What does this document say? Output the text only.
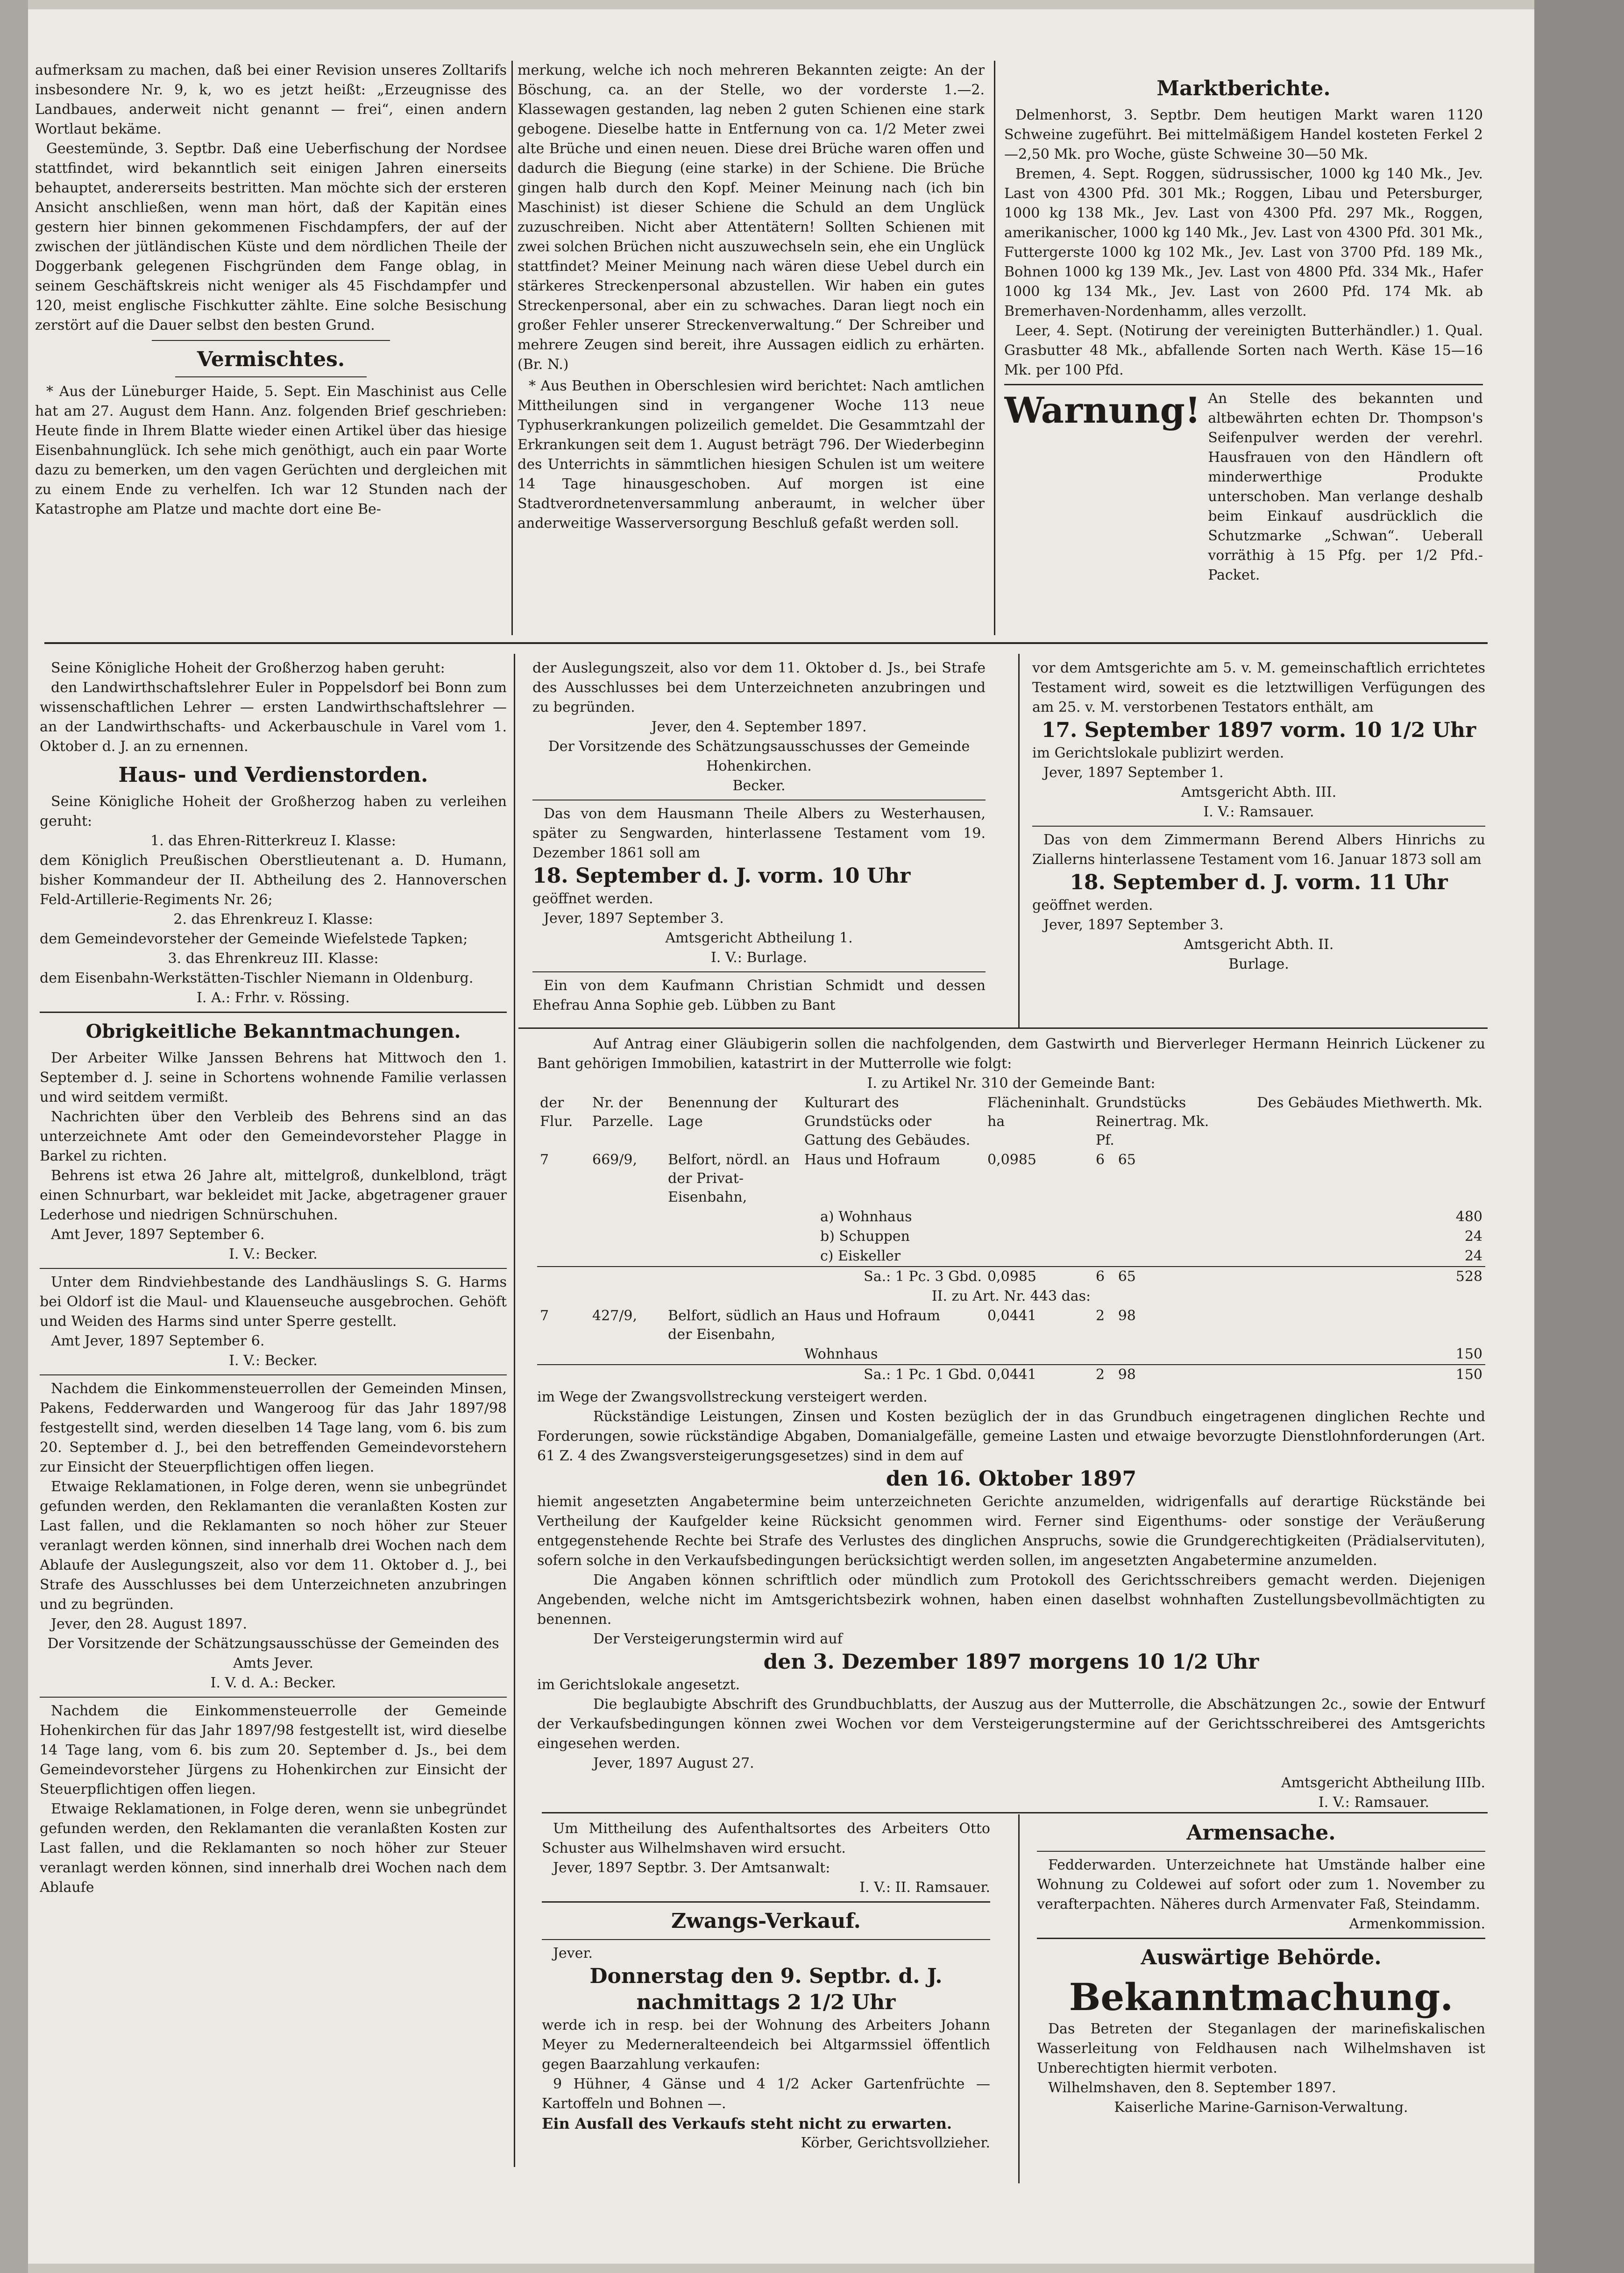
aufmerksam zu machen, daß bei einer Revision unseres Zolltarifs insbesondere Nr. 9, k, wo es jetzt heißt: „Erzeugnisse des Landbaues, anderweit nicht genannt — frei“, einen andern Wortlaut bekäme.

Geestemünde, 3. Septbr. Daß eine Ueberfischung der Nordsee stattfindet, wird bekanntlich seit einigen Jahren einerseits behauptet, andererseits bestritten. Man möchte sich der ersteren Ansicht anschließen, wenn man hört, daß der Kapitän eines gestern hier binnen gekommenen Fischdampfers, der auf der zwischen der jütländischen Küste und dem nördlichen Theile der Doggerbank gelegenen Fischgründen dem Fange oblag, in seinem Geschäftskreis nicht weniger als 45 Fischdampfer und 120, meist englische Fischkutter zählte. Eine solche Besischung zerstört auf die Dauer selbst den besten Grund.

Vermischtes.

* Aus der Lüneburger Haide, 5. Sept. Ein Maschinist aus Celle hat am 27. August dem Hann. Anz. folgenden Brief geschrieben: Heute finde in Ihrem Blatte wieder einen Artikel über das hiesige Eisenbahnunglück. Ich sehe mich genöthigt, auch ein paar Worte dazu zu bemerken, um den vagen Gerüchten und dergleichen mit zu einem Ende zu verhelfen. Ich war 12 Stunden nach der Katastrophe am Platze und machte dort eine Be-

merkung, welche ich noch mehreren Bekannten zeigte: An der Böschung, ca. an der Stelle, wo der vorderste 1.—2. Klassewagen gestanden, lag neben 2 guten Schienen eine stark gebogene. Dieselbe hatte in Entfernung von ca. 1/2 Meter zwei alte Brüche und einen neuen. Diese drei Brüche waren offen und dadurch die Biegung (eine starke) in der Schiene. Die Brüche gingen halb durch den Kopf. Meiner Meinung nach (ich bin Maschinist) ist dieser Schiene die Schuld an dem Unglück zuzuschreiben. Nicht aber Attentätern! Sollten Schienen mit zwei solchen Brüchen nicht auszuwechseln sein, ehe ein Unglück stattfindet? Meiner Meinung nach wären diese Uebel durch ein stärkeres Streckenpersonal abzustellen. Wir haben ein gutes Streckenpersonal, aber ein zu schwaches. Daran liegt noch ein großer Fehler unserer Streckenverwaltung.“ Der Schreiber und mehrere Zeugen sind bereit, ihre Aussagen eidlich zu erhärten. (Br. N.)

* Aus Beuthen in Oberschlesien wird berichtet: Nach amtlichen Mittheilungen sind in vergangener Woche 113 neue Typhuserkrankungen polizeilich gemeldet. Die Gesammtzahl der Erkrankungen seit dem 1. August beträgt 796. Der Wiederbeginn des Unterrichts in sämmtlichen hiesigen Schulen ist um weitere 14 Tage hinausgeschoben. Auf morgen ist eine Stadtverordnetenversammlung anberaumt, in welcher über anderweitige Wasserversorgung Beschluß gefaßt werden soll.

Marktberichte.

Delmenhorst, 3. Septbr. Dem heutigen Markt waren 1120 Schweine zugeführt. Bei mittelmäßigem Handel kosteten Ferkel 2—2,50 Mk. pro Woche, güste Schweine 30—50 Mk.

Bremen, 4. Sept. Roggen, südrussischer, 1000 kg 140 Mk., Jev. Last von 4300 Pfd. 301 Mk.; Roggen, Libau und Petersburger, 1000 kg 138 Mk., Jev. Last von 4300 Pfd. 297 Mk., Roggen, amerikanischer, 1000 kg 140 Mk., Jev. Last von 4300 Pfd. 301 Mk., Futtergerste 1000 kg 102 Mk., Jev. Last von 3700 Pfd. 189 Mk., Bohnen 1000 kg 139 Mk., Jev. Last von 4800 Pfd. 334 Mk., Hafer 1000 kg 134 Mk., Jev. Last von 2600 Pfd. 174 Mk. ab Bremerhaven-Nordenhamm, alles verzollt.

Leer, 4. Sept. (Notirung der vereinigten Butterhändler.) 1. Qual. Grasbutter 48 Mk., abfallende Sorten nach Werth. Käse 15—16 Mk. per 100 Pfd.

Warnung! An Stelle des bekannten und altbewährten echten Dr. Thompson's Seifenpulver werden der verehrl. Hausfrauen von den Händlern oft minderwerthige Produkte unterschoben. Man verlange deshalb beim Einkauf ausdrücklich die Schutzmarke „Schwan“. Ueberall vorräthig à 15 Pfg. per 1/2 Pfd.-Packet.

Seine Königliche Hoheit der Großherzog haben geruht:

den Landwirthschaftslehrer Euler in Poppelsdorf bei Bonn zum wissenschaftlichen Lehrer — ersten Landwirthschaftslehrer — an der Landwirthschafts- und Ackerbauschule in Varel vom 1. Oktober d. J. an zu ernennen.

Haus- und Verdienstorden.

Seine Königliche Hoheit der Großherzog haben zu verleihen geruht:

1. das Ehren-Ritterkreuz I. Klasse:

dem Königlich Preußischen Oberstlieutenant a. D. Humann, bisher Kommandeur der II. Abtheilung des 2. Hannoverschen Feld-Artillerie-Regiments Nr. 26;

2. das Ehrenkreuz I. Klasse:

dem Gemeindevorsteher der Gemeinde Wiefelstede Tapken;

3. das Ehrenkreuz III. Klasse:

dem Eisenbahn-Werkstätten-Tischler Niemann in Oldenburg.

I. A.: Frhr. v. Rössing.

Obrigkeitliche Bekanntmachungen.

Der Arbeiter Wilke Janssen Behrens hat Mittwoch den 1. September d. J. seine in Schortens wohnende Familie verlassen und wird seitdem vermißt.

Nachrichten über den Verbleib des Behrens sind an das unterzeichnete Amt oder den Gemeindevorsteher Plagge in Barkel zu richten.

Behrens ist etwa 26 Jahre alt, mittelgroß, dunkelblond, trägt einen Schnurbart, war bekleidet mit Jacke, abgetragener grauer Lederhose und niedrigen Schnürschuhen.

Amt Jever, 1897 September 6.

I. V.: Becker.

Unter dem Rindviehbestande des Landhäuslings S. G. Harms bei Oldorf ist die Maul- und Klauenseuche ausgebrochen. Gehöft und Weiden des Harms sind unter Sperre gestellt.

Amt Jever, 1897 September 6.

I. V.: Becker.

Nachdem die Einkommensteuerrollen der Gemeinden Minsen, Pakens, Fedderwarden und Wangeroog für das Jahr 1897/98 festgestellt sind, werden dieselben 14 Tage lang, vom 6. bis zum 20. September d. J., bei den betreffenden Gemeindevorstehern zur Einsicht der Steuerpflichtigen offen liegen.

Etwaige Reklamationen, in Folge deren, wenn sie unbegründet gefunden werden, den Reklamanten die veranlaßten Kosten zur Last fallen, und die Reklamanten so noch höher zur Steuer veranlagt werden können, sind innerhalb drei Wochen nach dem Ablaufe der Auslegungszeit, also vor dem 11. Oktober d. J., bei Strafe des Ausschlusses bei dem Unterzeichneten anzubringen und zu begründen.

Jever, den 28. August 1897.

Der Vorsitzende der Schätzungsausschüsse der Gemeinden des Amts Jever.

I. V. d. A.: Becker.

Nachdem die Einkommensteuerrolle der Gemeinde Hohenkirchen für das Jahr 1897/98 festgestellt ist, wird dieselbe 14 Tage lang, vom 6. bis zum 20. September d. Js., bei dem Gemeindevorsteher Jürgens zu Hohenkirchen zur Einsicht der Steuerpflichtigen offen liegen.

Etwaige Reklamationen, in Folge deren, wenn sie unbegründet gefunden werden, den Reklamanten die veranlaßten Kosten zur Last fallen, und die Reklamanten so noch höher zur Steuer veranlagt werden können, sind innerhalb drei Wochen nach dem Ablaufe

der Auslegungszeit, also vor dem 11. Oktober d. Js., bei Strafe des Ausschlusses bei dem Unterzeichneten anzubringen und zu begründen.

Jever, den 4. September 1897.

Der Vorsitzende des Schätzungsausschusses der Gemeinde Hohenkirchen.

Becker.

Das von dem Hausmann Theile Albers zu Westerhausen, später zu Sengwarden, hinterlassene Testament vom 19. Dezember 1861 soll am

18. September d. J. vorm. 10 Uhr

geöffnet werden.

Jever, 1897 September 3.

Amtsgericht Abtheilung 1.

I. V.: Burlage.

Ein von dem Kaufmann Christian Schmidt und dessen Ehefrau Anna Sophie geb. Lübben zu Bant

vor dem Amtsgerichte am 5. v. M. gemeinschaftlich errichtetes Testament wird, soweit es die letztwilligen Verfügungen des am 25. v. M. verstorbenen Testators enthält, am

17. September 1897 vorm. 10 1/2 Uhr

im Gerichtslokale publizirt werden.

Jever, 1897 September 1.

Amtsgericht Abth. III.

I. V.: Ramsauer.

Das von dem Zimmermann Berend Albers Hinrichs zu Ziallerns hinterlassene Testament vom 16. Januar 1873 soll am

18. September d. J. vorm. 11 Uhr

geöffnet werden.

Jever, 1897 September 3.

Amtsgericht Abth. II.

Burlage.

Auf Antrag einer Gläubigerin sollen die nachfolgenden, dem Gastwirth und Bierverleger Hermann Heinrich Lückener zu Bant gehörigen Immobilien, katastrirt in der Mutterrolle wie folgt:

I. zu Artikel Nr. 310 der Gemeinde Bant:

der Flur.	Nr. der Parzelle.	Benennung der Lage	Kulturart des Grundstücks oder Gattung des Gebäudes.	Flächeninhalt. ha	Grundstücks Reinertrag. Mk. Pf.	Des Gebäudes Miethwerth. Mk.
7	669/9,	Belfort, nördl. an der Privat-Eisenbahn,	Haus und Hofraum	0,0985	6 65	
			a) Wohnhaus			480
			b) Schuppen			24
			c) Eiskeller			24
			Sa.: 1 Pc. 3 Gbd.	0,0985	6 65	528
II. zu Art. Nr. 443 das:						
7	427/9,	Belfort, südlich an der Eisenbahn,	Haus und Hofraum	0,0441	2 98	
			Wohnhaus			150
			Sa.: 1 Pc. 1 Gbd.	0,0441	2 98	150

im Wege der Zwangsvollstreckung versteigert werden.

Rückständige Leistungen, Zinsen und Kosten bezüglich der in das Grundbuch eingetragenen dinglichen Rechte und Forderungen, sowie rückständige Abgaben, Domanialgefälle, gemeine Lasten und etwaige bevorzugte Dienstlohnforderungen (Art. 61 Z. 4 des Zwangsversteigerungsgesetzes) sind in dem auf

den 16. Oktober 1897

hiemit angesetzten Angabetermine beim unterzeichneten Gerichte anzumelden, widrigenfalls auf derartige Rückstände bei Vertheilung der Kaufgelder keine Rücksicht genommen wird. Ferner sind Eigenthums- oder sonstige der Veräußerung entgegenstehende Rechte bei Strafe des Verlustes des dinglichen Anspruchs, sowie die Grundgerechtigkeiten (Prädialservituten), sofern solche in den Verkaufsbedingungen berücksichtigt werden sollen, im angesetzten Angabetermine anzumelden.

Die Angaben können schriftlich oder mündlich zum Protokoll des Gerichtsschreibers gemacht werden. Diejenigen Angebenden, welche nicht im Amtsgerichtsbezirk wohnen, haben einen daselbst wohnhaften Zustellungsbevollmächtigten zu benennen.

Der Versteigerungstermin wird auf

den 3. Dezember 1897 morgens 10 1/2 Uhr

im Gerichtslokale angesetzt.

Die beglaubigte Abschrift des Grundbuchblatts, der Auszug aus der Mutterrolle, die Abschätzungen 2c., sowie der Entwurf der Verkaufsbedingungen können zwei Wochen vor dem Versteigerungstermine auf der Gerichtsschreiberei des Amtsgerichts eingesehen werden.

Jever, 1897 August 27.

Amtsgericht Abtheilung IIIb.

I. V.: Ramsauer.

Um Mittheilung des Aufenthaltsortes des Arbeiters Otto Schuster aus Wilhelmshaven wird ersucht.

Jever, 1897 Septbr. 3. Der Amtsanwalt:

I. V.: II. Ramsauer.

Zwangs-Verkauf.

Jever.

Donnerstag den 9. Septbr. d. J.
nachmittags 2 1/2 Uhr

werde ich in resp. bei der Wohnung des Arbeiters Johann Meyer zu Mederneralteendeich bei Altgarmssiel öffentlich gegen Baarzahlung verkaufen:

9 Hühner, 4 Gänse und 4 1/2 Acker Gartenfrüchte — Kartoffeln und Bohnen —.

Ein Ausfall des Verkaufs steht nicht zu erwarten.

Körber, Gerichtsvollzieher.

Armensache.

Fedderwarden. Unterzeichnete hat Umstände halber eine Wohnung zu Coldewei auf sofort oder zum 1. November zu verafterpachten. Näheres durch Armenvater Faß, Steindamm.

Armenkommission.

Auswärtige Behörde.
Bekanntmachung.

Das Betreten der Steganlagen der marinefiskalischen Wasserleitung von Feldhausen nach Wilhelmshaven ist Unberechtigten hiermit verboten.

Wilhelmshaven, den 8. September 1897.

Kaiserliche Marine-Garnison-Verwaltung.
